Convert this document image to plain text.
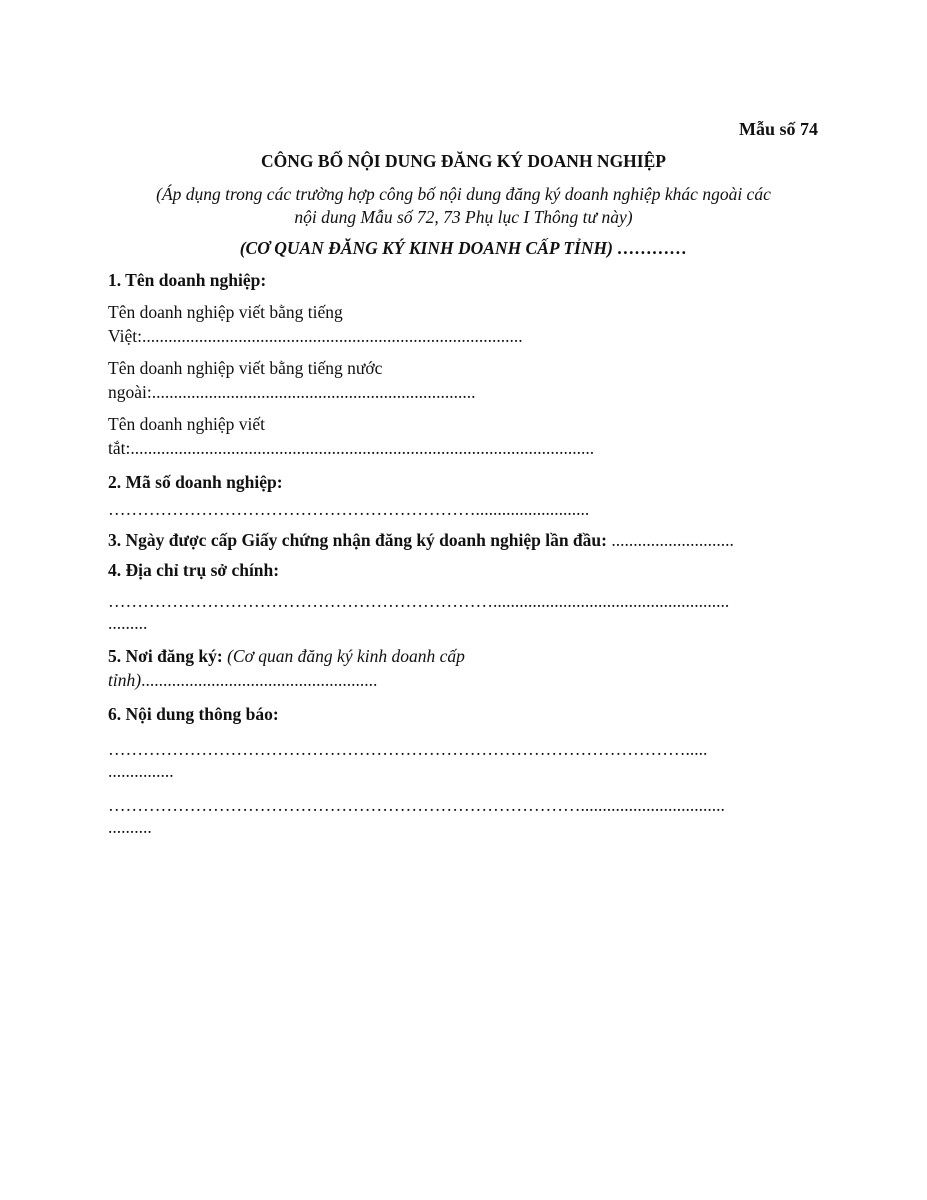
Mẫu số 74
CÔNG BỐ NỘI DUNG ĐĂNG KÝ DOANH NGHIỆP
(Áp dụng trong các trường hợp công bố nội dung đăng ký doanh nghiệp khác ngoài các
nội dung Mẫu số 72, 73 Phụ lục I Thông tư này)
(CƠ QUAN ĐĂNG KÝ KINH DOANH CẤP TỈNH) …………

1. Tên doanh nghiệp:

Tên doanh nghiệp viết bằng tiếng

Việt:.......................................................................................

Tên doanh nghiệp viết bằng tiếng nước

ngoài:..........................................................................

Tên doanh nghiệp viết

tắt:..........................................................................................................

2. Mã số doanh nghiệp:

………………………………………………………..........................

3. Ngày được cấp Giấy chứng nhận đăng ký doanh nghiệp lần đầu: ............................

4. Địa chỉ trụ sở chính:

…………………………………………………………......................................................

.........

5. Nơi đăng ký: (Cơ quan đăng ký kinh doanh cấp

tỉnh)......................................................

6. Nội dung thông báo:

……………………………………………………………………………………….....

...............

……………………………………………………………………….................................

..........
